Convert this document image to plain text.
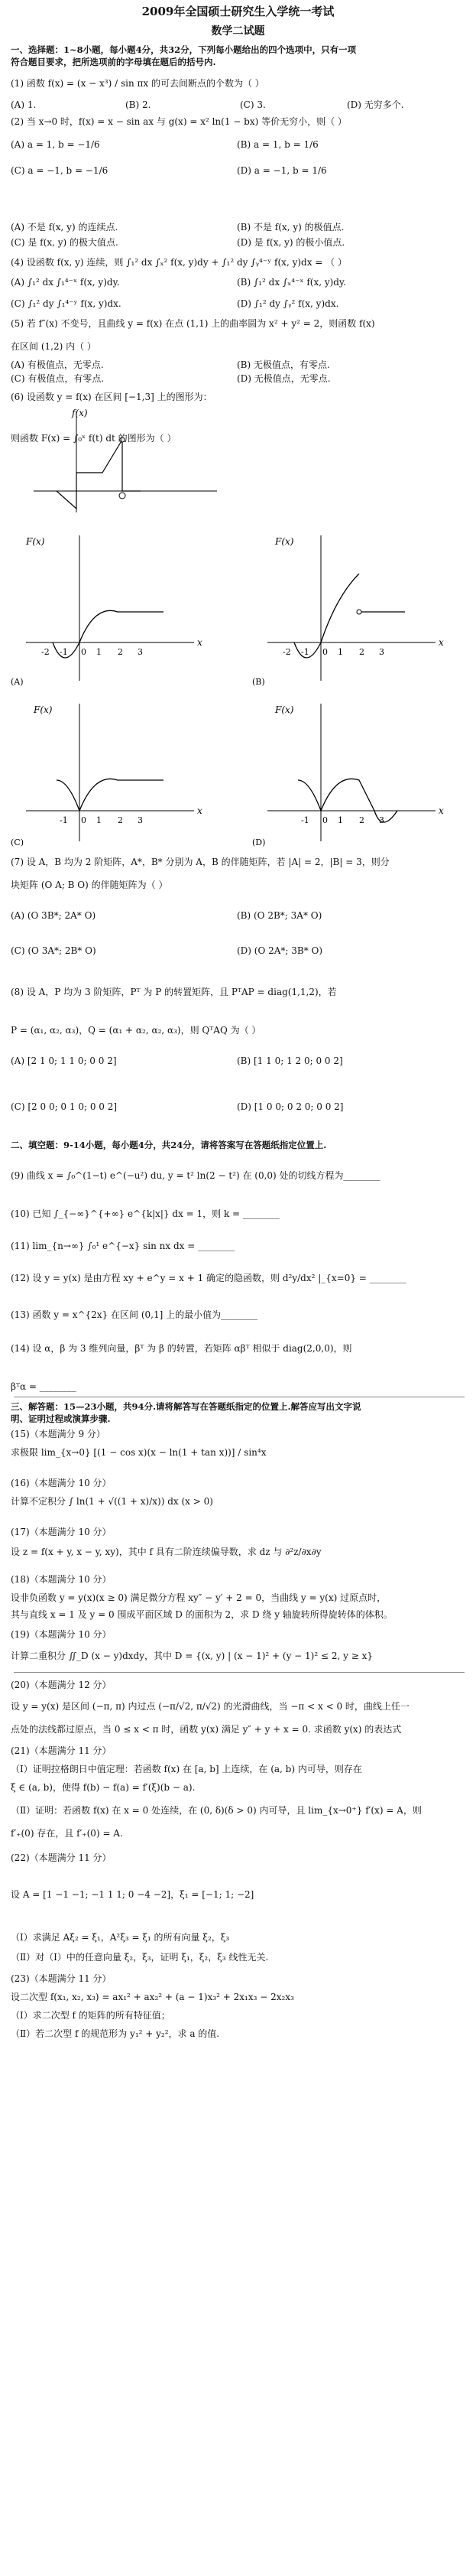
2009年全国硕士研究生入学统一考试
数学二试题
一、选择题：1~8小题，每小题4分，共32分，下列每小题给出的四个选项中，只有一项
符合题目要求，把所选项前的字母填在题后的括号内.
(1) 函数 f(x) = (x − x³) / sin πx 的可去间断点的个数为（ ）
(A) 1.	(B) 2.	(C) 3.	(D) 无穷多个.
(2) 当 x→0 时，f(x) = x − sin ax 与 g(x) = x² ln(1 − bx) 等价无穷小，则（ ）
(A) a = 1, b = −1/6	(B) a = 1, b = 1/6
(C) a = −1, b = −1/6	(D) a = −1, b = 1/6
(A) 不是 f(x, y) 的连续点.	(B) 不是 f(x, y) 的极值点.
(C) 是 f(x, y) 的极大值点.	(D) 是 f(x, y) 的极小值点.
(4) 设函数 f(x, y) 连续，则 ∫₁² dx ∫ₓ² f(x, y)dy + ∫₁² dy ∫ᵧ⁴⁻ʸ f(x, y)dx = （ ）
(A) ∫₁² dx ∫₁⁴⁻ˣ f(x, y)dy.	(B) ∫₁² dx ∫ₓ⁴⁻ˣ f(x, y)dy.
(C) ∫₁² dy ∫₁⁴⁻ʸ f(x, y)dx.	(D) ∫₁² dy ∫ᵧ² f(x, y)dx.
(5) 若 f″(x) 不变号，且曲线 y = f(x) 在点 (1,1) 上的曲率圆为 x² + y² = 2，则函数 f(x)
在区间 (1,2) 内（ ）
(A) 有极值点，无零点.	(B) 无极值点，有零点.
(C) 有极值点，有零点.	(D) 无极值点，无零点.
(6) 设函数 y = f(x) 在区间 [−1,3] 上的图形为：
f(x)
则函数 F(x) = ∫₀ˣ f(t) dt 的图形为（ ）
F(x)
-2 -1 0 1 2 3
x
(A)
F(x)
-2 -1 0 1 2 3
x
(B)
F(x)
-1 0 1 2 3
x
(C)
F(x)
-1 0 1 2 3
x
(D)
(7) 设 A，B 均为 2 阶矩阵，A*，B* 分别为 A，B 的伴随矩阵，若 |A| = 2，|B| = 3，则分
块矩阵 (O A; B O) 的伴随矩阵为（ ）
(A) (O 3B*; 2A* O)	(B) (O 2B*; 3A* O)
(C) (O 3A*; 2B* O)	(D) (O 2A*; 3B* O)
(8) 设 A，P 均为 3 阶矩阵，Pᵀ 为 P 的转置矩阵，且 PᵀAP = diag(1,1,2)，若
P = (α₁, α₂, α₃)，Q = (α₁ + α₂, α₂, α₃)，则 QᵀAQ 为（ ）
(A) [2 1 0; 1 1 0; 0 0 2]	(B) [1 1 0; 1 2 0; 0 0 2]
(C) [2 0 0; 0 1 0; 0 0 2]	(D) [1 0 0; 0 2 0; 0 0 2]
二、填空题：9-14小题，每小题4分，共24分，请将答案写在答题纸指定位置上.
(9) 曲线 x = ∫₀^(1−t) e^(−u²) du, y = t² ln(2 − t²) 在 (0,0) 处的切线方程为________
(10) 已知 ∫_{−∞}^{+∞} e^{k|x|} dx = 1，则 k = ________
(11) lim_{n→∞} ∫₀¹ e^{−x} sin nx dx = ________
(12) 设 y = y(x) 是由方程 xy + e^y = x + 1 确定的隐函数，则 d²y/dx² |_{x=0} = ________
(13) 函数 y = x^{2x} 在区间 (0,1] 上的最小值为________
(14) 设 α，β 为 3 维列向量，βᵀ 为 β 的转置，若矩阵 αβᵀ 相似于 diag(2,0,0)，则
βᵀα = ________
三、解答题：15—23小题，共94分.请将解答写在答题纸指定的位置上.解答应写出文字说
明、证明过程或演算步骤.
(15)（本题满分 9 分）
求极限 lim_{x→0} [(1 − cos x)(x − ln(1 + tan x))] / sin⁴x
(16)（本题满分 10 分）
计算不定积分 ∫ ln(1 + √((1 + x)/x)) dx (x > 0)
(17)（本题满分 10 分）
设 z = f(x + y, x − y, xy)，其中 f 具有二阶连续偏导数，求 dz 与 ∂²z/∂x∂y
(18)（本题满分 10 分）
设非负函数 y = y(x)(x ≥ 0) 满足微分方程 xy″ − y′ + 2 = 0，当曲线 y = y(x) 过原点时，
其与直线 x = 1 及 y = 0 围成平面区域 D 的面积为 2，求 D 绕 y 轴旋转所得旋转体的体积。
(19)（本题满分 10 分）
计算二重积分 ∬_D (x − y)dxdy，其中 D = {(x, y) | (x − 1)² + (y − 1)² ≤ 2, y ≥ x}
(20)（本题满分 12 分）
设 y = y(x) 是区间 (−π, π) 内过点 (−π/√2, π/√2) 的光滑曲线，当 −π < x < 0 时，曲线上任一
点处的法线都过原点，当 0 ≤ x < π 时，函数 y(x) 满足 y″ + y + x = 0. 求函数 y(x) 的表达式
(21)（本题满分 11 分）
（Ⅰ）证明拉格朗日中值定理：若函数 f(x) 在 [a, b] 上连续，在 (a, b) 内可导，则存在
ξ ∈ (a, b)，使得 f(b) − f(a) = f′(ξ)(b − a).
（Ⅱ）证明：若函数 f(x) 在 x = 0 处连续，在 (0, δ)(δ > 0) 内可导，且 lim_{x→0⁺} f′(x) = A，则
f′₊(0) 存在，且 f′₊(0) = A.
(22)（本题满分 11 分）
设 A = [1 −1 −1; −1 1 1; 0 −4 −2]，ξ₁ = [−1; 1; −2]
（Ⅰ）求满足 Aξ₂ = ξ₁，A²ξ₃ = ξ₁ 的所有向量 ξ₂，ξ₃
（Ⅱ）对（Ⅰ）中的任意向量 ξ₂，ξ₃，证明 ξ₁，ξ₂，ξ₃ 线性无关.
(23)（本题满分 11 分）
设二次型 f(x₁, x₂, x₃) = ax₁² + ax₂² + (a − 1)x₃² + 2x₁x₃ − 2x₂x₃
（Ⅰ）求二次型 f 的矩阵的所有特征值；
（Ⅱ）若二次型 f 的规范形为 y₁² + y₂²，求 a 的值.
